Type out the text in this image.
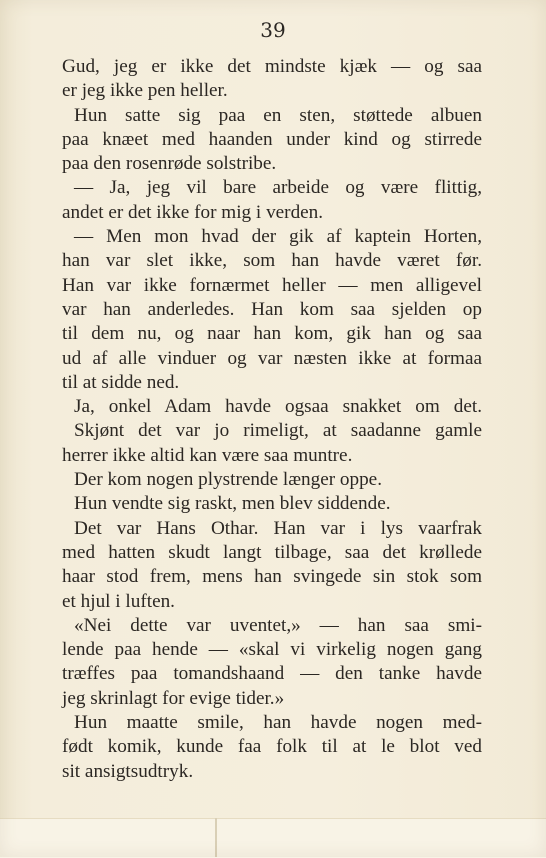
39
Gud, jeg er ikke det mindste kjæk — og saa
er jeg ikke pen heller.
Hun satte sig paa en sten, støttede albuen
paa knæet med haanden under kind og stirrede
paa den rosenrøde solstribe.
— Ja, jeg vil bare arbeide og være flittig,
andet er det ikke for mig i verden.
— Men mon hvad der gik af kaptein Horten,
han var slet ikke, som han havde været før.
Han var ikke fornærmet heller — men alligevel
var han anderledes. Han kom saa sjelden op
til dem nu, og naar han kom, gik han og saa
ud af alle vinduer og var næsten ikke at formaa
til at sidde ned.
Ja, onkel Adam havde ogsaa snakket om det.
Skjønt det var jo rimeligt, at saadanne gamle
herrer ikke altid kan være saa muntre.
Der kom nogen plystrende længer oppe.
Hun vendte sig raskt, men blev siddende.
Det var Hans Othar. Han var i lys vaarfrak
med hatten skudt langt tilbage, saa det krøllede
haar stod frem, mens han svingede sin stok som
et hjul i luften.
«Nei dette var uventet,» — han saa smi-
lende paa hende — «skal vi virkelig nogen gang
træffes paa tomandshaand — den tanke havde
jeg skrinlagt for evige tider.»
Hun maatte smile, han havde nogen med-
født komik, kunde faa folk til at le blot ved
sit ansigtsudtryk.
